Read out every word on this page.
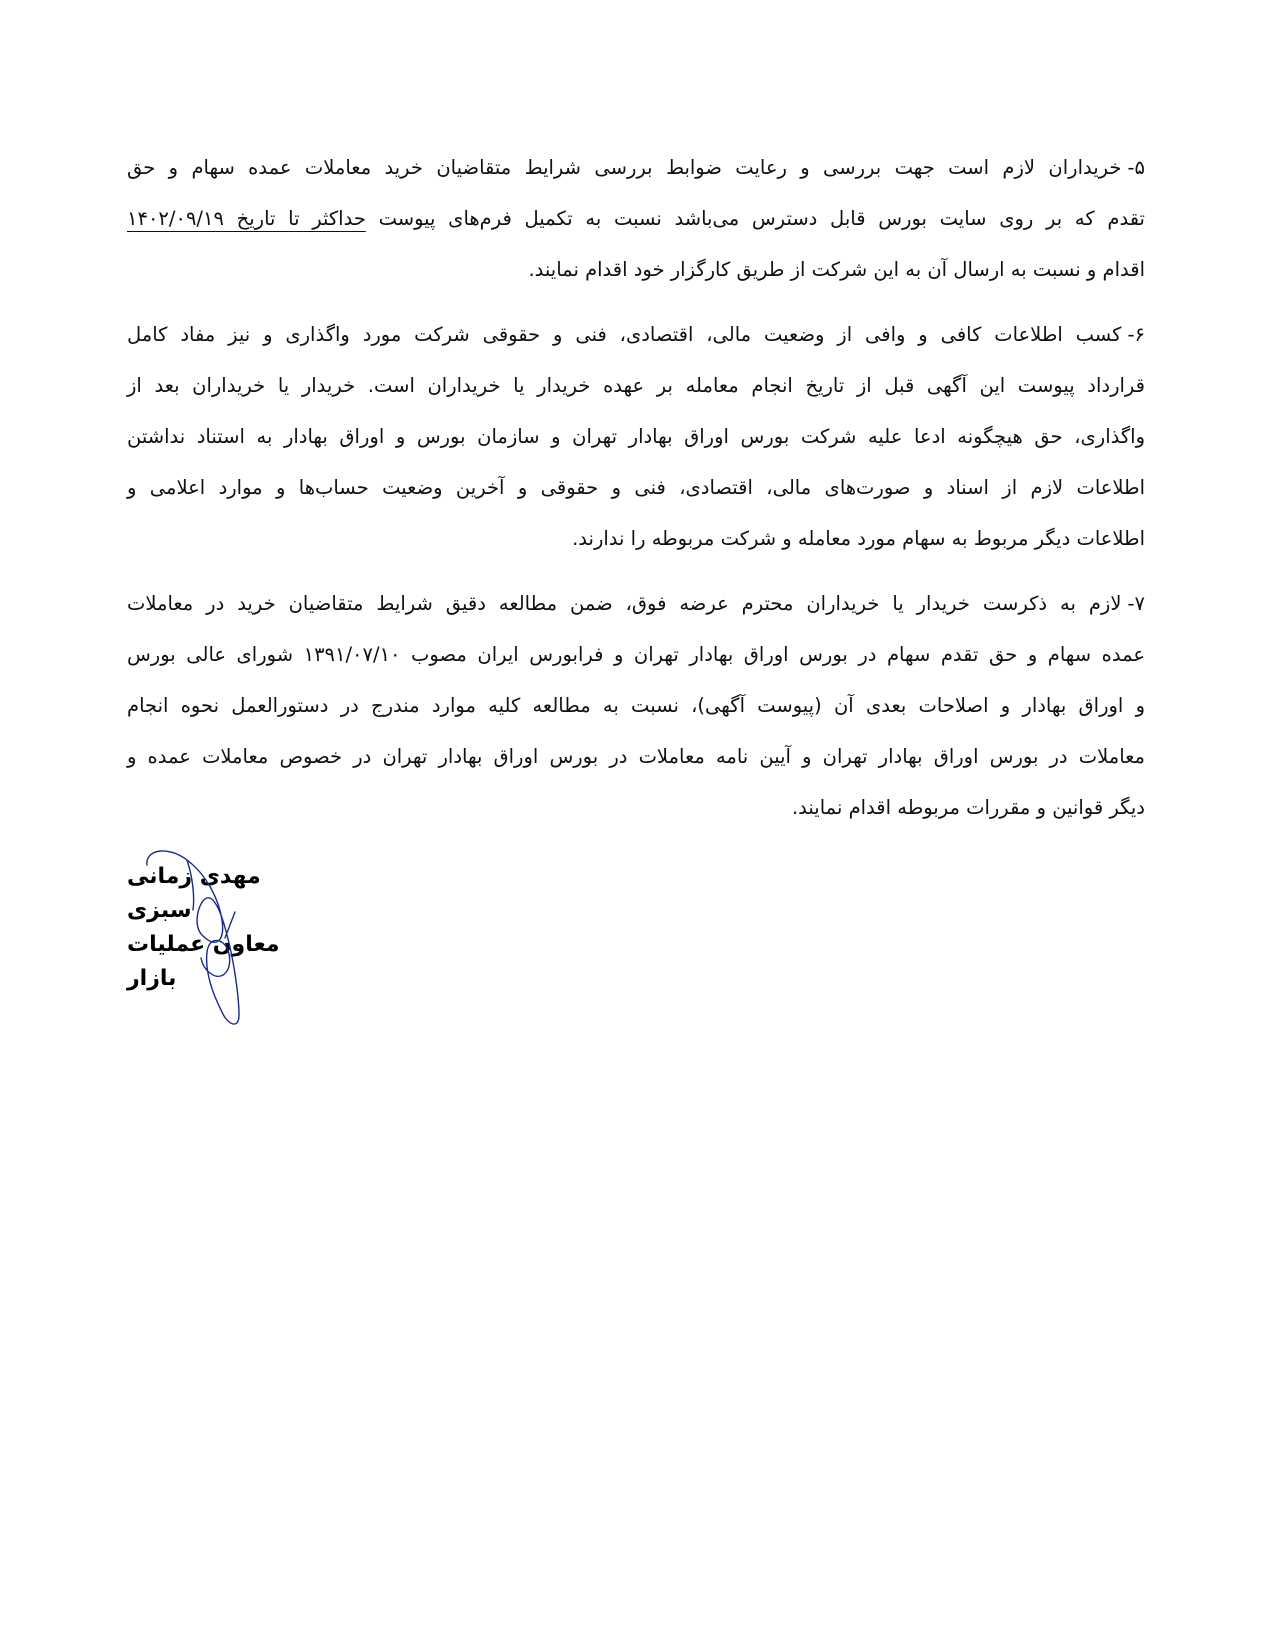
۵-خریداران لازم است جهت بررسی و رعایت ضوابط بررسی شرایط متقاضیان خرید معاملات عمده سهام و حق
تقدم که بر روی سایت بورس قابل دسترس می‌باشد نسبت به تکمیل فرم‌های پیوست حداکثر تا تاریخ ۱۴۰۲/۰۹/۱۹
اقدام و نسبت به ارسال آن به این شرکت از طریق کارگزار خود اقدام نمایند.
۶-کسب اطلاعات کافی و وافی از وضعیت مالی، اقتصادی، فنی و حقوقی شرکت مورد واگذاری و نیز مفاد کامل
قرارداد پیوست این آگهی قبل از تاریخ انجام معامله بر عهده خریدار یا خریداران است. خریدار یا خریداران بعد از
واگذاری، حق هیچگونه ادعا علیه شرکت بورس اوراق بهادار تهران و سازمان بورس و اوراق بهادار به استناد نداشتن
اطلاعات لازم از اسناد و صورت‌های مالی، اقتصادی، فنی و حقوقی و آخرین وضعیت حساب‌ها و موارد اعلامی و
اطلاعات دیگر مربوط به سهام مورد معامله و شرکت مربوطه را ندارند.
۷-لازم به ذکرست خریدار یا خریداران محترم عرضه فوق، ضمن مطالعه دقیق شرایط متقاضیان خرید در معاملات
عمده سهام و حق تقدم سهام در بورس اوراق بهادار تهران و فرابورس ایران مصوب ۱۳۹۱/۰۷/۱۰ شورای عالی بورس
و اوراق بهادار و اصلاحات بعدی آن (پیوست آگهی)، نسبت به مطالعه کلیه موارد مندرج در دستورالعمل نحوه انجام
معاملات در بورس اوراق بهادار تهران و آیین نامه معاملات در بورس اوراق بهادار تهران در خصوص معاملات عمده و
دیگر قوانین و مقررات مربوطه اقدام نمایند.
مهدی زمانی سبزی
معاون عملیات بازار
